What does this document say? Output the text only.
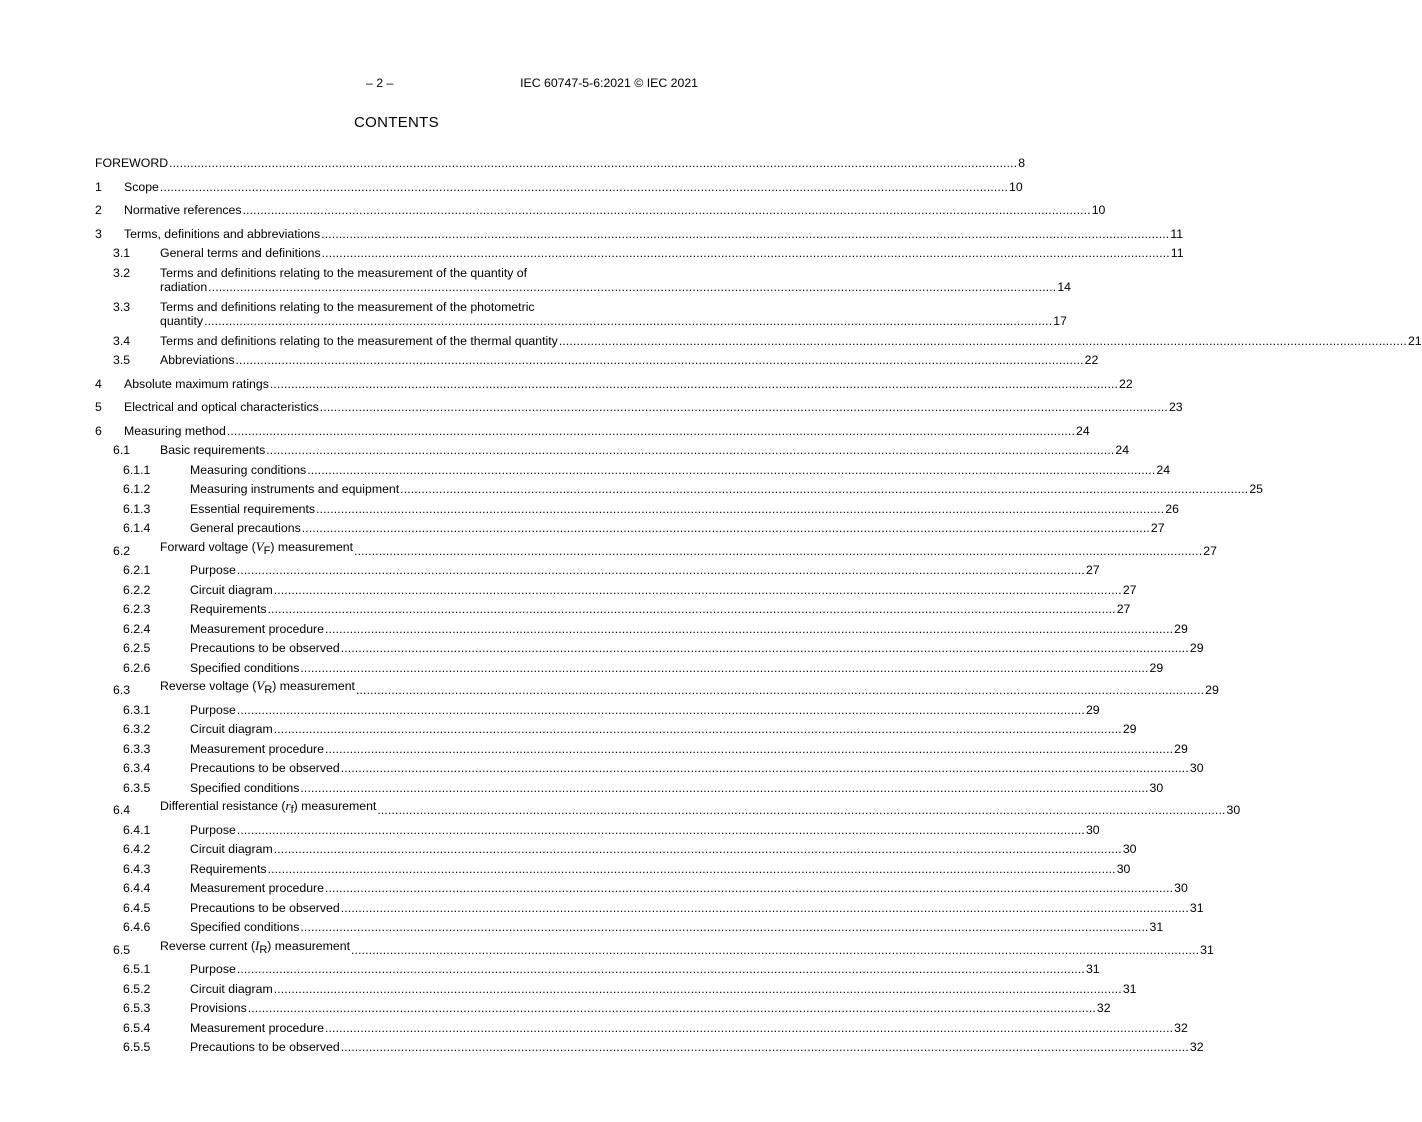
– 2 –	IEC 60747-5-6:2021 © IEC 2021
CONTENTS
FOREWORD .....	8
1 Scope .....	10
2 Normative references .....	10
3 Terms, definitions and abbreviations .....	11
3.1 General terms and definitions .....	11
3.2 Terms and definitions relating to the measurement of the quantity of
radiation .....	14
3.3 Terms and definitions relating to the measurement of the photometric
quantity .....	17
3.4 Terms and definitions relating to the measurement of the thermal quantity .....	21
3.5 Abbreviations .....	22
4 Absolute maximum ratings .....	22
5 Electrical and optical characteristics .....	23
6 Measuring method .....	24
6.1 Basic requirements .....	24
6.1.1	Measuring conditions .....	24
6.1.2	Measuring instruments and equipment .....	25
6.1.3	Essential requirements .....	26
6.1.4	General precautions .....	27
6.2 Forward voltage $(V_F)$ measurement .....	27
6.2.1	Purpose .....	27
6.2.2	Circuit diagram .....	27
6.2.3	Requirements .....	27
6.2.4	Measurement procedure .....	29
6.2.5	Precautions to be observed .....	29
6.2.6	Specified conditions .....	29
6.3 Reverse voltage $(V_R)$ measurement .....	29
6.3.1	Purpose .....	29
6.3.2	Circuit diagram .....	29
6.3.3	Measurement procedure .....	29
6.3.4	Precautions to be observed .....	30
6.3.5	Specified conditions .....	30
6.4 Differential resistance $(r_f)$ measurement .....	30
6.4.1	Purpose .....	30
6.4.2	Circuit diagram .....	30
6.4.3	Requirements .....	30
6.4.4	Measurement procedure .....	30
6.4.5	Precautions to be observed .....	31
6.4.6	Specified conditions .....	31
6.5 Reverse current $(I_R)$ measurement .....	31
6.5.1	Purpose .....	31
6.5.2	Circuit diagram .....	31
6.5.3	Provisions .....	32
6.5.4	Measurement procedure .....	32
6.5.5	Precautions to be observed .....	32
